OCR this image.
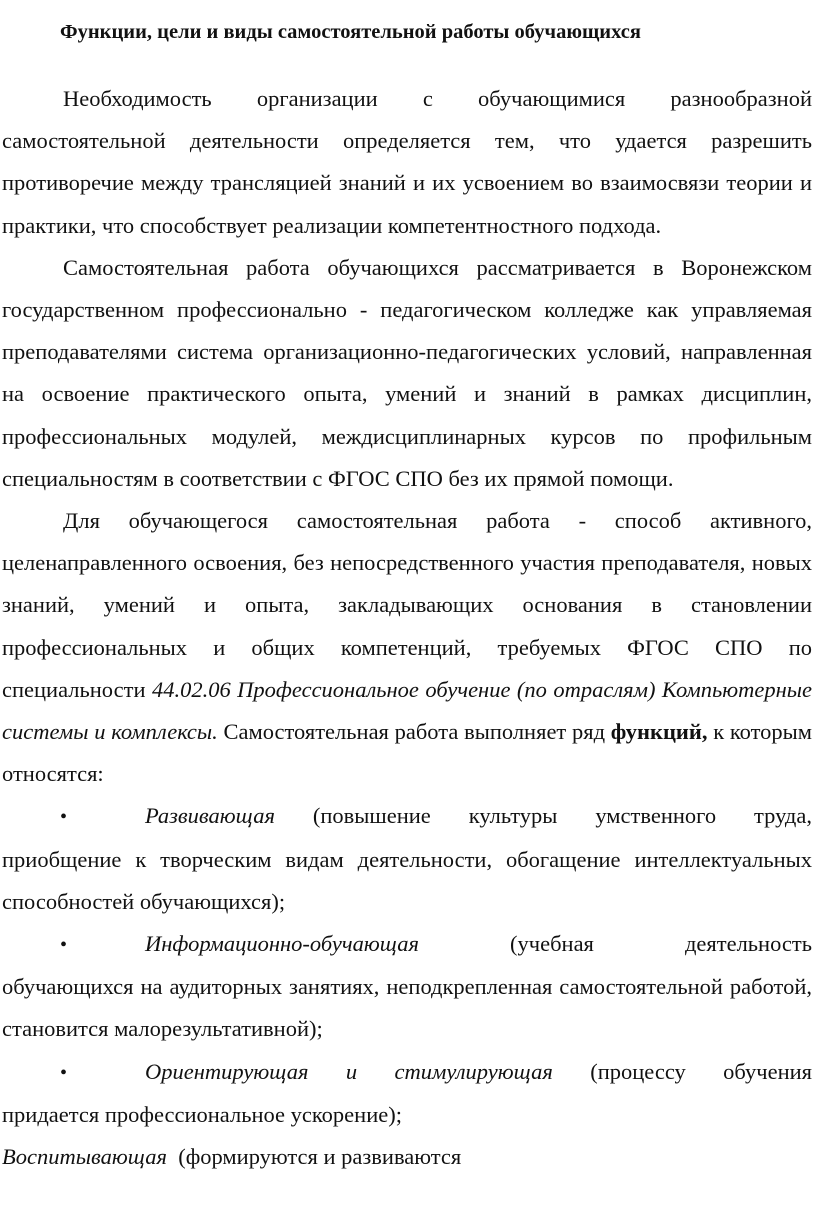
Функции, цели и виды самостоятельной работы обучающихся

Необходимость организации с обучающимися разнообразной самостоятельной деятельности определяется тем, что удается разрешить противоречие между трансляцией знаний и их усвоением во взаимосвязи теории и практики, что способствует реализации компетентностного подхода.

Самостоятельная работа обучающихся рассматривается в Воронежском государственном профессионально - педагогическом колледже как управляемая преподавателями система организационно-педагогических условий, направленная на освоение практического опыта, умений и знаний в рамках дисциплин, профессиональных модулей, междисциплинарных курсов по профильным специальностям в соответствии с ФГОС СПО без их прямой помощи.

Для обучающегося самостоятельная работа - способ активного, целенаправленного освоения, без непосредственного участия преподавателя, новых знаний, умений и опыта, закладывающих основания в становлении профессиональных и общих компетенций, требуемых ФГОС СПО по специальности 44.02.06 Профессиональное обучение (по отраслям) Компьютерные системы и комплексы. Самостоятельная работа выполняет ряд функций, к которым относятся:

•	Развивающая (повышение культуры умственного труда,
приобщение к творческим видам деятельности, обогащение интеллектуальных способностей обучающихся);
•	Информационно-обучающая (учебная деятельность
обучающихся на аудиторных занятиях, неподкрепленная самостоятельной работой, становится малорезультативной);
•	Ориентирующая и стимулирующая (процессу обучения
придается профессиональное ускорение);

Воспитывающая  (формируются и развиваются
